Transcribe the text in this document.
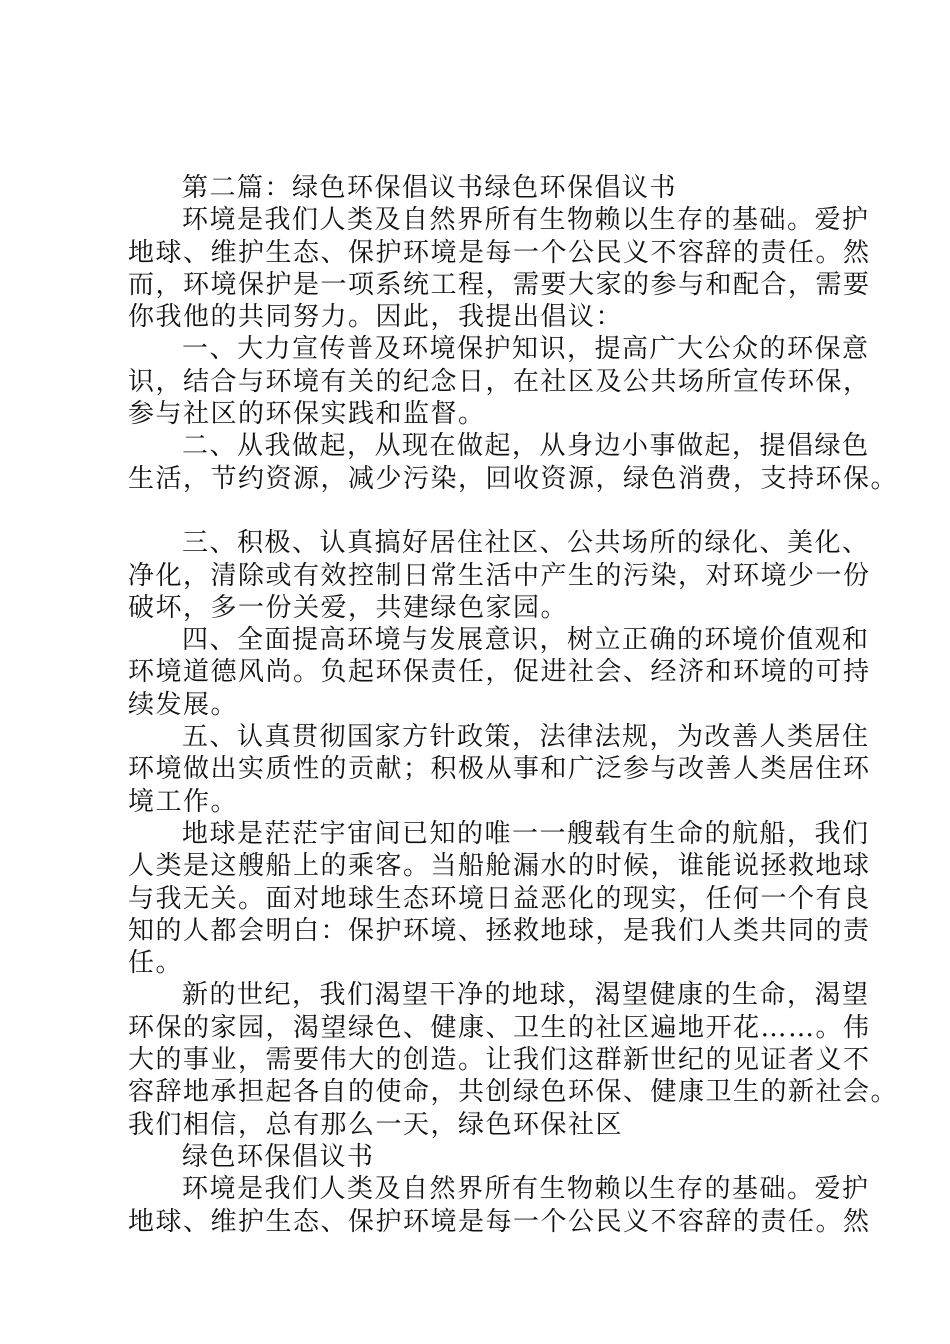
第二篇：绿色环保倡议书绿色环保倡议书
环境是我们人类及自然界所有生物赖以生存的基础。爱护
地球、维护生态、保护环境是每一个公民义不容辞的责任。然
而，环境保护是一项系统工程，需要大家的参与和配合，需要
你我他的共同努力。因此，我提出倡议：
一、大力宣传普及环境保护知识，提高广大公众的环保意
识，结合与环境有关的纪念日，在社区及公共场所宣传环保，
参与社区的环保实践和监督。
二、从我做起，从现在做起，从身边小事做起，提倡绿色
生活，节约资源，减少污染，回收资源，绿色消费，支持环保。
三、积极、认真搞好居住社区、公共场所的绿化、美化、
净化，清除或有效控制日常生活中产生的污染，对环境少一份
破坏，多一份关爱，共建绿色家园。
四、全面提高环境与发展意识，树立正确的环境价值观和
环境道德风尚。负起环保责任，促进社会、经济和环境的可持
续发展。
五、认真贯彻国家方针政策，法律法规，为改善人类居住
环境做出实质性的贡献；积极从事和广泛参与改善人类居住环
境工作。
地球是茫茫宇宙间已知的唯一一艘载有生命的航船，我们
人类是这艘船上的乘客。当船舱漏水的时候，谁能说拯救地球
与我无关。面对地球生态环境日益恶化的现实，任何一个有良
知的人都会明白：保护环境、拯救地球，是我们人类共同的责
任。
新的世纪，我们渴望干净的地球，渴望健康的生命，渴望
环保的家园，渴望绿色、健康、卫生的社区遍地开花……。伟
大的事业，需要伟大的创造。让我们这群新世纪的见证者义不
容辞地承担起各自的使命，共创绿色环保、健康卫生的新社会。
我们相信，总有那么一天，绿色环保社区
绿色环保倡议书
环境是我们人类及自然界所有生物赖以生存的基础。爱护
地球、维护生态、保护环境是每一个公民义不容辞的责任。然
